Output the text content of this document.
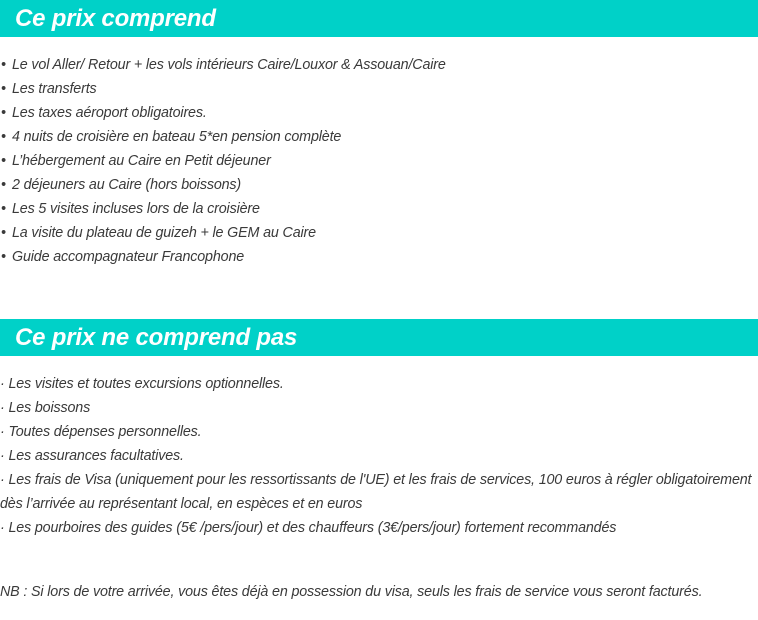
Ce prix comprend
• Le vol Aller/ Retour + les vols intérieurs Caire/Louxor & Assouan/Caire
• Les transferts
• Les taxes aéroport obligatoires.
• 4 nuits de croisière en bateau 5*en pension complète
• L’hébergement au Caire en Petit déjeuner
• 2 déjeuners au Caire (hors boissons)
• Les 5 visites incluses lors de la croisière
• La visite du plateau de guizeh + le GEM au Caire
• Guide accompagnateur Francophone
Ce prix ne comprend pas
· Les visites et toutes excursions optionnelles.
· Les boissons
· Toutes dépenses personnelles.
· Les assurances facultatives.
· Les frais de Visa (uniquement pour les ressortissants de l'UE) et les frais de services, 100 euros à régler obligatoirement dès l’arrivée au représentant local, en espèces et en euros
· Les pourboires des guides (5€ /pers/jour) et des chauffeurs (3€/pers/jour) fortement recommandés

NB : Si lors de votre arrivée, vous êtes déjà en possession du visa, seuls les frais de service vous seront facturés.
